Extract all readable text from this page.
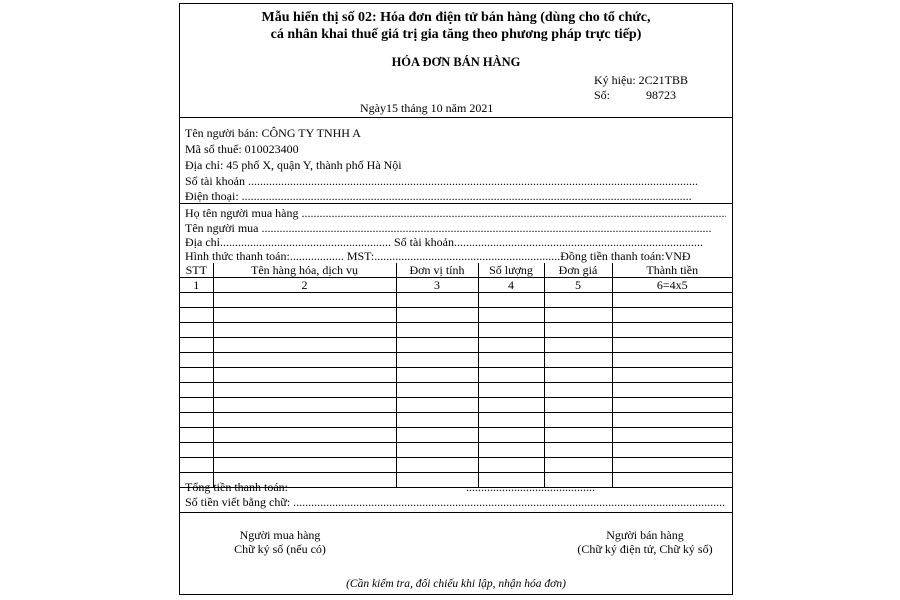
Mẫu hiển thị số 02: Hóa đơn điện tử bán hàng (dùng cho tổ chức,
cá nhân khai thuế giá trị gia tăng theo phương pháp trực tiếp)
HÓA ĐƠN BÁN HÀNG
Ký hiệu: 2C21TBB
Số:	98723
Ngày15 tháng 10 năm 2021
Tên người bán: CÔNG TY TNHH A
Mã số thuế: 010023400
Địa chỉ: 45 phố X, quận Y, thành phố Hà Nội
Số tài khoản .....
Điện thoại: .....
Họ tên người mua hàng .....
Tên người mua .....
Địa chỉ......................................................... Số tài khoản...................................................................................
Hình thức thanh toán:.................. MST:..............................................................Đồng tiền thanh toán:VNĐ
STT	Tên hàng hóa, dịch vụ	Đơn vị tính	Số lượng	Đơn giá	Thành tiền
1	2	3	4	5	6=4x5

Tổng tiền thanh toán:	...........................................
Số tiền viết bằng chữ: .....
Người mua hàng
Chữ ký số (nếu có)
Người bán hàng
(Chữ ký điện tử, Chữ ký số)
(Cần kiểm tra, đối chiếu khi lập, nhận hóa đơn)
